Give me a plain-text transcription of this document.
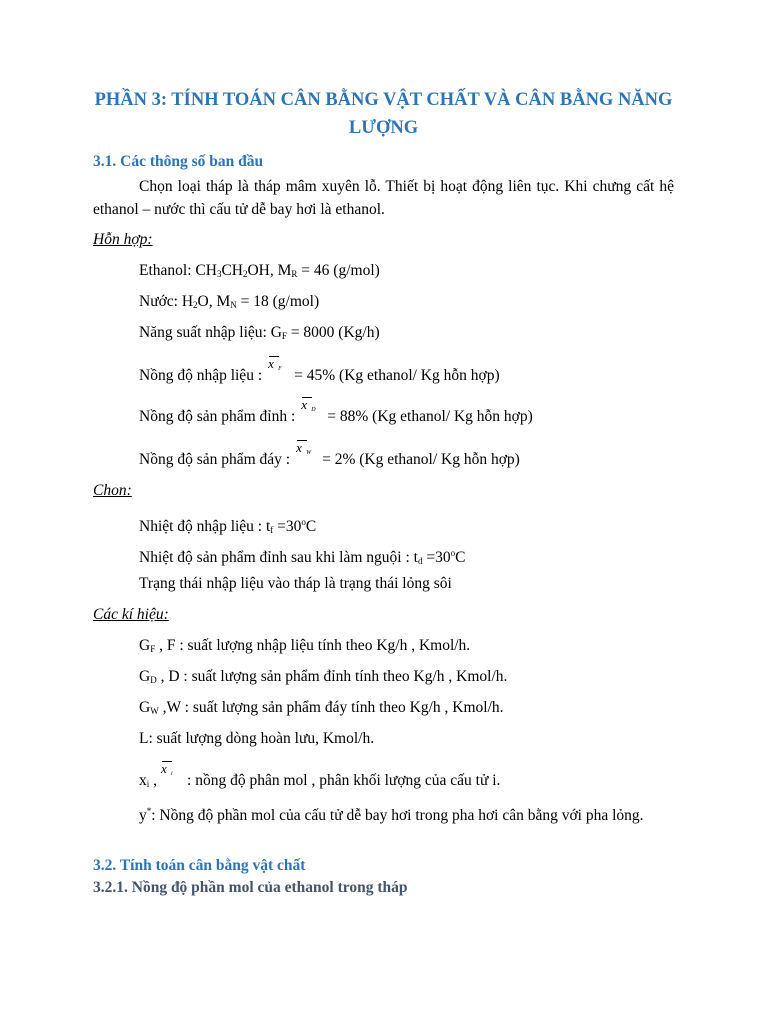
PHẦN 3: TÍNH TOÁN CÂN BẰNG VẬT CHẤT VÀ CÂN BẰNG NĂNG LƯỢNG
3.1. Các thông số ban đầu
Chọn loại tháp là tháp mâm xuyên lỗ. Thiết bị hoạt động liên tục. Khi chưng cất hệ ethanol – nước thì cấu tử dễ bay hơi là ethanol.
Hỗn hợp:
Ethanol: $CH_3CH_2OH$, $M_R = 46$ (g/mol)
Nước: $H_2O$, $M_N = 18$ (g/mol)
Năng suất nhập liệu: $G_F = 8000$ (Kg/h)
Nồng độ nhập liệu :
x F = 45% (Kg ethanol/ Kg hỗn hợp)
Nồng độ sản phẩm đỉnh :
x D = 88% (Kg ethanol/ Kg hỗn hợp)
Nồng độ sản phẩm đáy :
x W = 2% (Kg ethanol/ Kg hỗn hợp)
Chon:
Nhiệt độ nhập liệu : $t_f =30^oC$
Nhiệt độ sản phẩm đỉnh sau khi làm nguội : $t_d =30^oC$
Trạng thái nhập liệu vào tháp là trạng thái lỏng sôi
Các kí hiệu:
$G_F$ , F : suất lượng nhập liệu tính theo Kg/h , Kmol/h.
$G_D$ , D : suất lượng sản phẩm đỉnh tính theo Kg/h , Kmol/h.
$G_W$ ,W : suất lượng sản phẩm đáy tính theo Kg/h , Kmol/h.
L: suất lượng dòng hoàn lưu, Kmol/h.
$x_i$ ,
x i : nồng độ phân mol , phân khối lượng của cấu tử i.
y*: Nồng độ phần mol của cấu tử dễ bay hơi trong pha hơi cân bằng với pha lỏng.
3.2. Tính toán cân bằng vật chất
3.2.1. Nồng độ phần mol của ethanol trong tháp
